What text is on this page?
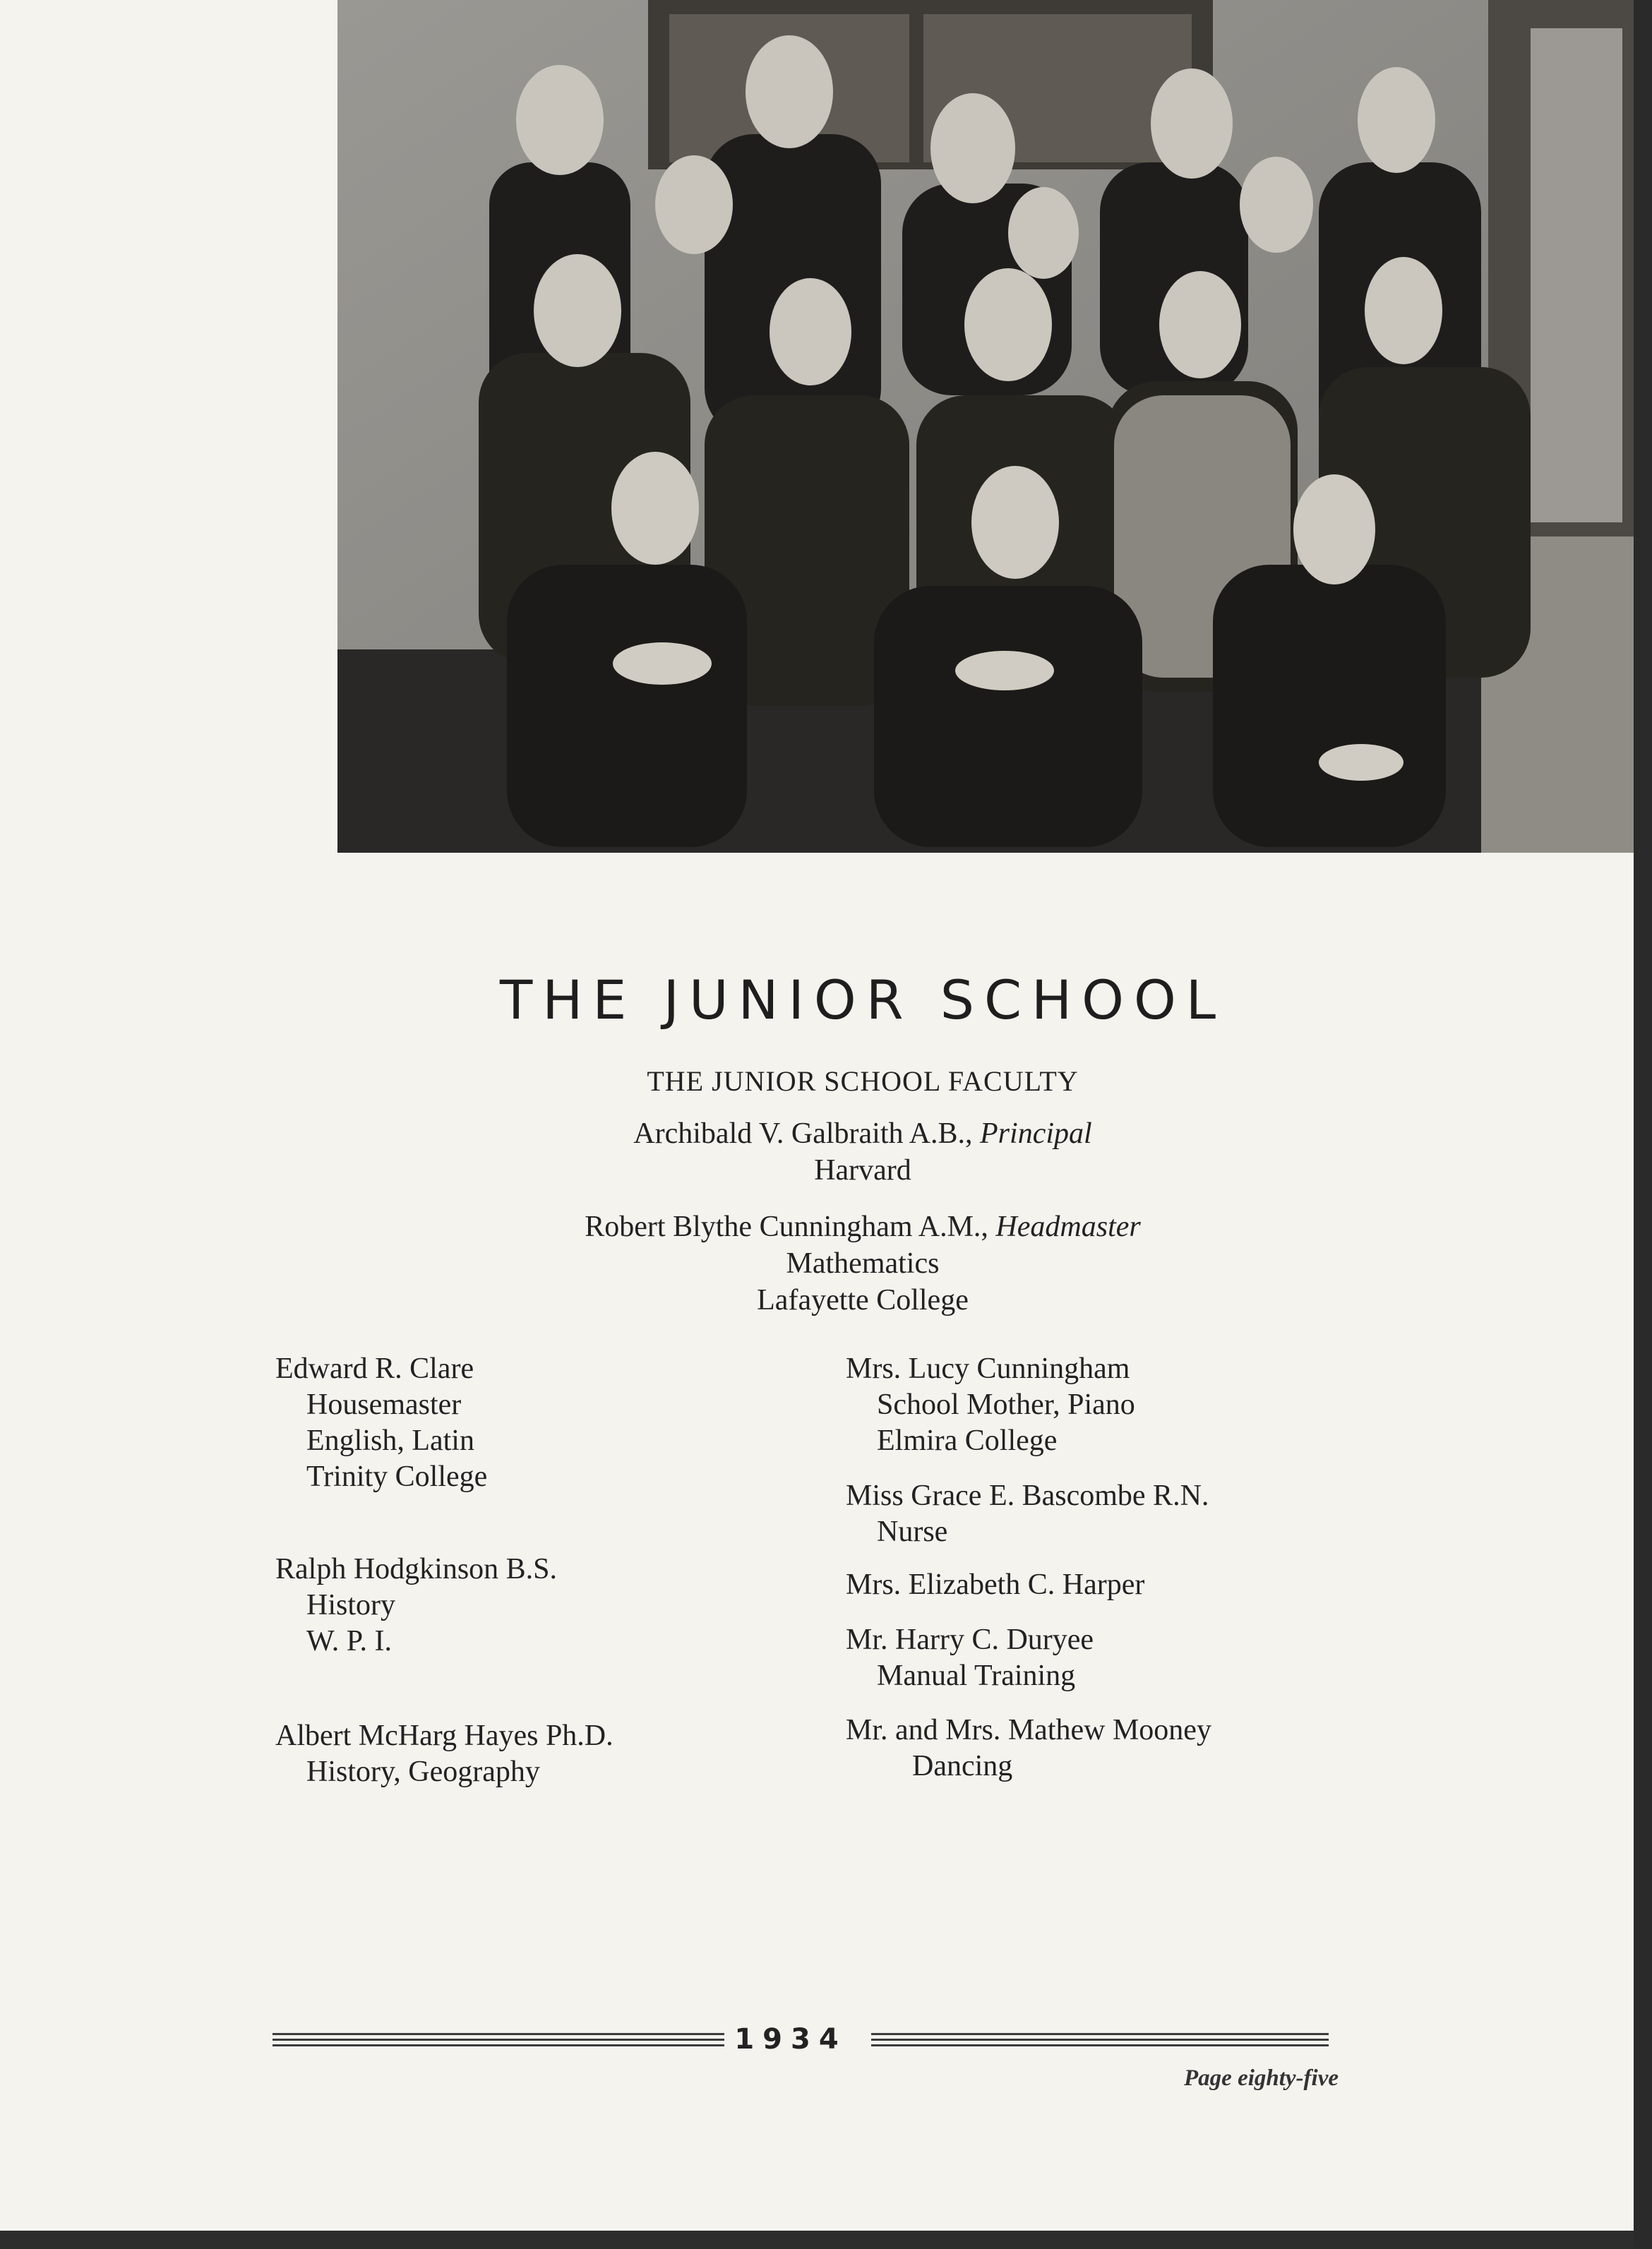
THE JUNIOR SCHOOL
THE JUNIOR SCHOOL FACULTY
Archibald V. Galbraith A.B., Principal
Harvard
Robert Blythe Cunningham A.M., Headmaster
Mathematics
Lafayette College
Edward R. Clare
Housemaster
English, Latin
Trinity College
Ralph Hodgkinson B.S.
History
W. P. I.
Albert McHarg Hayes Ph.D.
History, Geography
Mrs. Lucy Cunningham
School Mother, Piano
Elmira College
Miss Grace E. Bascombe R.N.
Nurse
Mrs. Elizabeth C. Harper
Mr. Harry C. Duryee
Manual Training
Mr. and Mrs. Mathew Mooney
Dancing
1934
Page eighty-five
